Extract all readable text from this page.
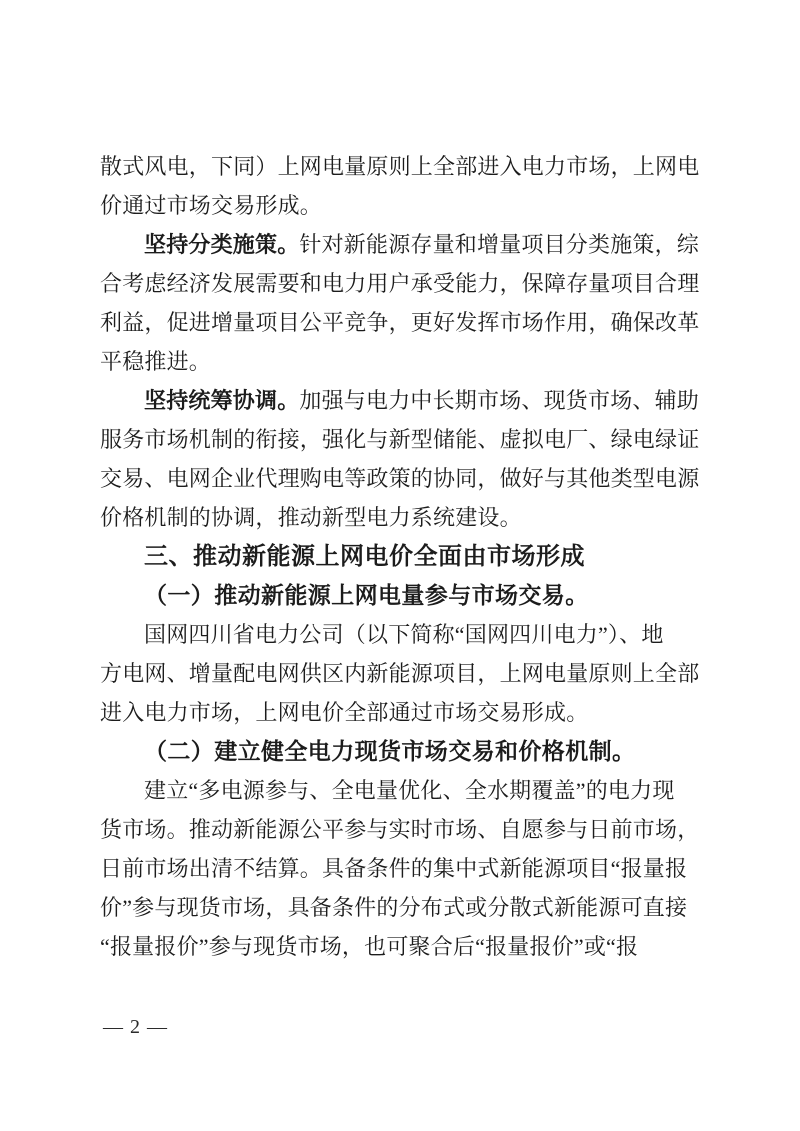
散式风电，下同）上网电量原则上全部进入电力市场，上网电
价通过市场交易形成。
坚持分类施策。针对新能源存量和增量项目分类施策，综
合考虑经济发展需要和电力用户承受能力，保障存量项目合理
利益，促进增量项目公平竞争，更好发挥市场作用，确保改革
平稳推进。
坚持统筹协调。加强与电力中长期市场、现货市场、辅助
服务市场机制的衔接，强化与新型储能、虚拟电厂、绿电绿证
交易、电网企业代理购电等政策的协同，做好与其他类型电源
价格机制的协调，推动新型电力系统建设。
三、推动新能源上网电价全面由市场形成
（一）推动新能源上网电量参与市场交易。
国网四川省电力公司（以下简称“国网四川电力”）、地
方电网、增量配电网供区内新能源项目，上网电量原则上全部
进入电力市场，上网电价全部通过市场交易形成。
（二）建立健全电力现货市场交易和价格机制。
建立“多电源参与、全电量优化、全水期覆盖”的电力现
货市场。推动新能源公平参与实时市场、自愿参与日前市场，
日前市场出清不结算。具备条件的集中式新能源项目“报量报
价”参与现货市场，具备条件的分布式或分散式新能源可直接
“报量报价”参与现货市场，也可聚合后“报量报价”或“报
— 2 —
